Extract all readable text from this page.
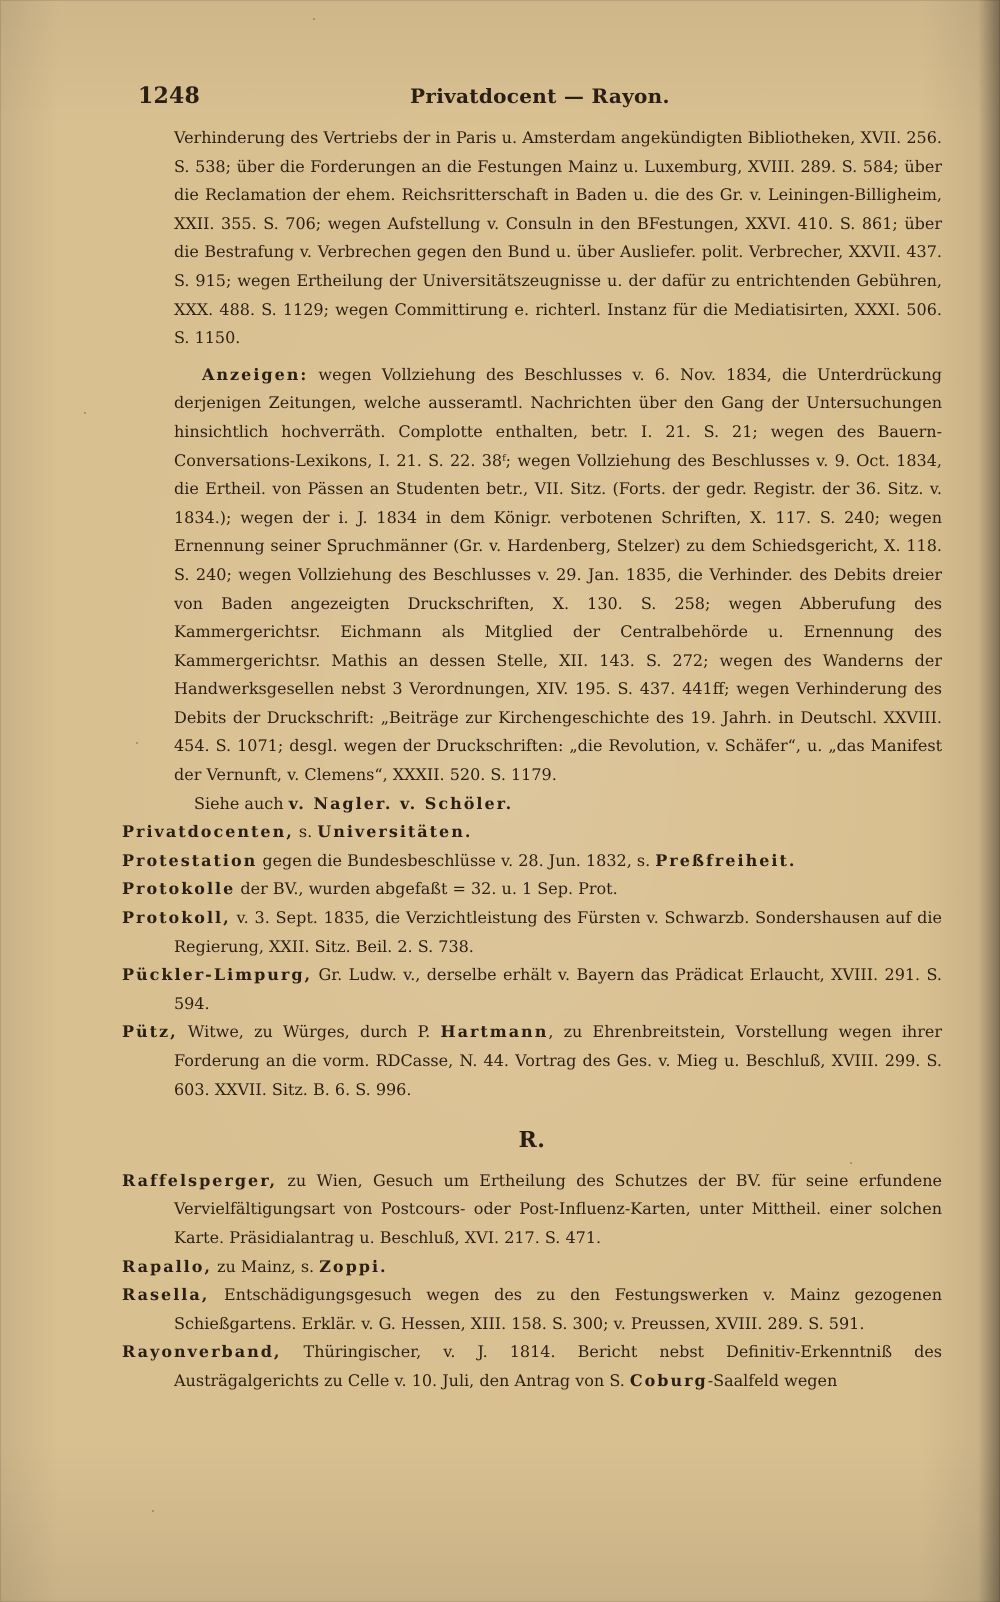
1248	Privatdocent — Rayon.

Verhinderung des Vertriebs der in Paris u. Amsterdam angekündigten Bibliotheken, XVII. 256. S. 538; über die Forderungen an die Festungen Mainz u. Luxemburg, XVIII. 289. S. 584; über die Reclamation der ehem. Reichsritterschaft in Baden u. die des Gr. v. Leiningen-Billigheim, XXII. 355. S. 706; wegen Aufstellung v. Consuln in den BFestungen, XXVI. 410. S. 861; über die Bestrafung v. Verbrechen gegen den Bund u. über Ausliefer. polit. Verbrecher, XXVII. 437. S. 915; wegen Ertheilung der Universitätszeugnisse u. der dafür zu entrichtenden Gebühren, XXX. 488. S. 1129; wegen Committirung e. richterl. Instanz für die Mediatisirten, XXXI. 506. S. 1150.

Anzeigen: wegen Vollziehung des Beschlusses v. 6. Nov. 1834, die Unterdrückung derjenigen Zeitungen, welche ausseramtl. Nachrichten über den Gang der Untersuchungen hinsichtlich hochverräth. Complotte enthalten, betr. I. 21. S. 21; wegen des Bauern-Conversations-Lexikons, I. 21. S. 22. 38ᶠ; wegen Vollziehung des Beschlusses v. 9. Oct. 1834, die Ertheil. von Pässen an Studenten betr., VII. Sitz. (Forts. der gedr. Registr. der 36. Sitz. v. 1834.); wegen der i. J. 1834 in dem Königr. verbotenen Schriften, X. 117. S. 240; wegen Ernennung seiner Spruchmänner (Gr. v. Hardenberg, Stelzer) zu dem Schiedsgericht, X. 118. S. 240; wegen Vollziehung des Beschlusses v. 29. Jan. 1835, die Verhinder. des Debits dreier von Baden angezeigten Druckschriften, X. 130. S. 258; wegen Abberufung des Kammergerichtsr. Eichmann als Mitglied der Centralbehörde u. Ernennung des Kammergerichtsr. Mathis an dessen Stelle, XII. 143. S. 272; wegen des Wanderns der Handwerksgesellen nebst 3 Verordnungen, XIV. 195. S. 437. 441ff; wegen Verhinderung des Debits der Druckschrift: „Beiträge zur Kirchengeschichte des 19. Jahrh. in Deutschl. XXVIII. 454. S. 1071; desgl. wegen der Druckschriften: „die Revolution, v. Schäfer“, u. „das Manifest der Vernunft, v. Clemens“, XXXII. 520. S. 1179.

Siehe auch v. Nagler. v. Schöler.

Privatdocenten, s. Universitäten.

Protestation gegen die Bundesbeschlüsse v. 28. Jun. 1832, s. Preßfreiheit.

Protokolle der BV., wurden abgefaßt = 32. u. 1 Sep. Prot.

Protokoll, v. 3. Sept. 1835, die Verzichtleistung des Fürsten v. Schwarzb. Sondershausen auf die Regierung, XXII. Sitz. Beil. 2. S. 738.

Pückler-Limpurg, Gr. Ludw. v., derselbe erhält v. Bayern das Prädicat Erlaucht, XVIII. 291. S. 594.

Pütz, Witwe, zu Würges, durch P. Hartmann, zu Ehrenbreitstein, Vorstellung wegen ihrer Forderung an die vorm. RDCasse, N. 44. Vortrag des Ges. v. Mieg u. Beschluß, XVIII. 299. S. 603. XXVII. Sitz. B. 6. S. 996.

R.

Raffelsperger, zu Wien, Gesuch um Ertheilung des Schutzes der BV. für seine erfundene Vervielfältigungsart von Postcours- oder Post-Influenz-Karten, unter Mittheil. einer solchen Karte. Präsidialantrag u. Beschluß, XVI. 217. S. 471.

Rapallo, zu Mainz, s. Zoppi.

Rasella, Entschädigungsgesuch wegen des zu den Festungswerken v. Mainz gezogenen Schießgartens. Erklär. v. G. Hessen, XIII. 158. S. 300; v. Preussen, XVIII. 289. S. 591.

Rayonverband, Thüringischer, v. J. 1814. Bericht nebst Definitiv-Erkenntniß des Austrägalgerichts zu Celle v. 10. Juli, den Antrag von S. Coburg-Saalfeld wegen
